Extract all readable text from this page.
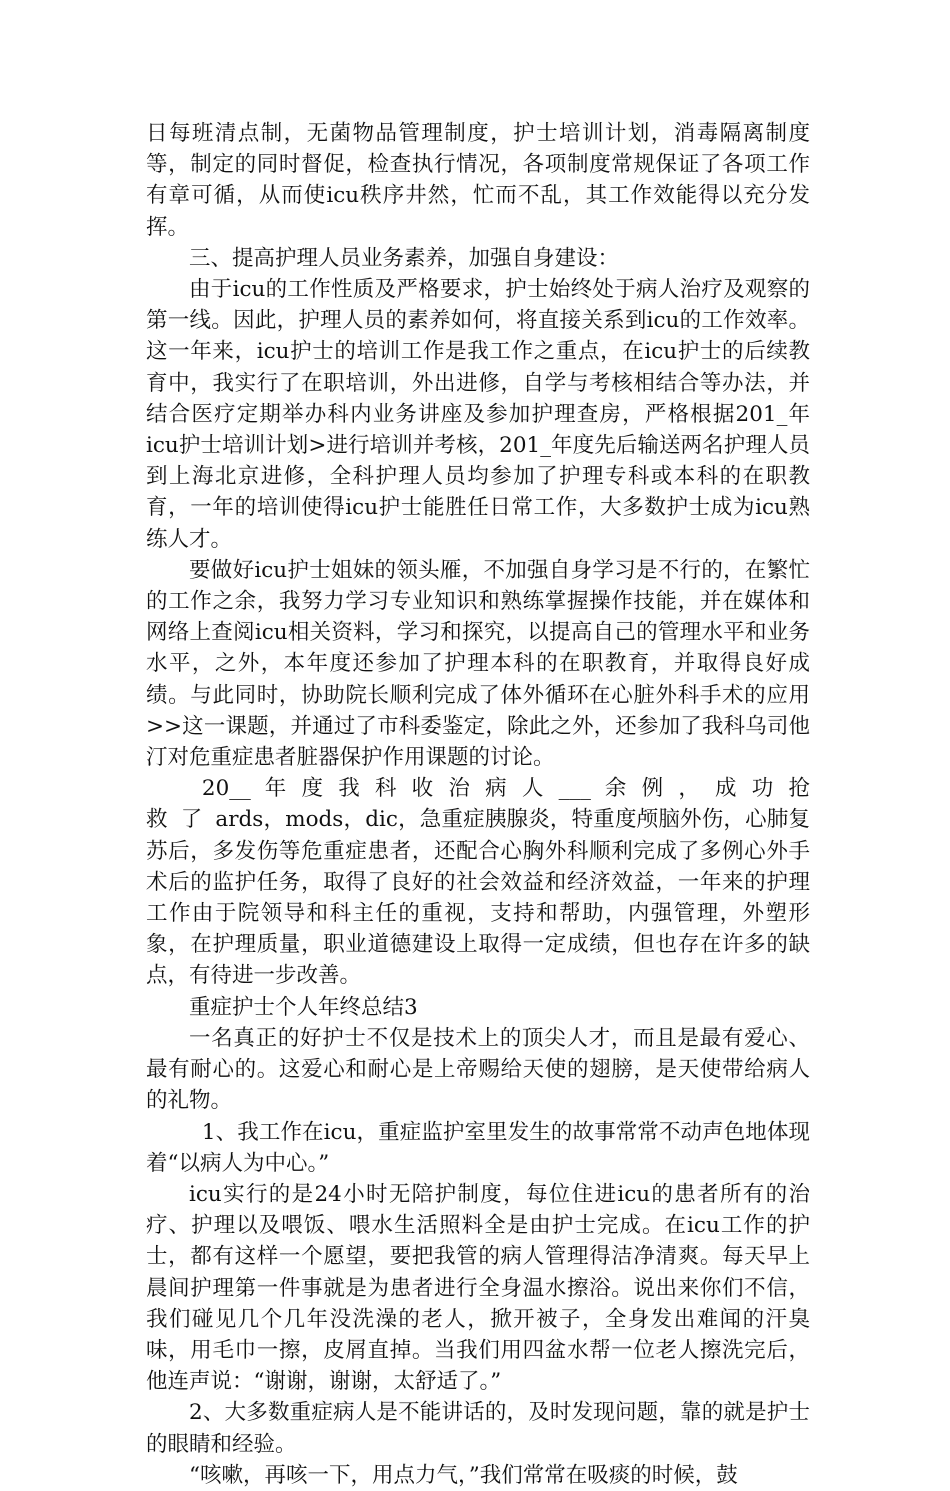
日每班清点制，无菌物品管理制度，护士培训计划，消毒隔离制度等，制定的同时督促，检查执行情况，各项制度常规保证了各项工作有章可循，从而使icu秩序井然，忙而不乱，其工作效能得以充分发挥。

三、提高护理人员业务素养，加强自身建设：

由于icu的工作性质及严格要求，护士始终处于病人治疗及观察的第一线。因此，护理人员的素养如何，将直接关系到icu的工作效率。这一年来，icu护士的培训工作是我工作之重点，在icu护士的后续教育中，我实行了在职培训，外出进修，自学与考核相结合等办法，并结合医疗定期举办科内业务讲座及参加护理查房，严格根据201_年icu护士培训计划>进行培训并考核，201_年度先后输送两名护理人员到上海北京进修，全科护理人员均参加了护理专科或本科的在职教育，一年的培训使得icu护士能胜任日常工作，大多数护士成为icu熟练人才。

要做好icu护士姐妹的领头雁，不加强自身学习是不行的，在繁忙的工作之余，我努力学习专业知识和熟练掌握操作技能，并在媒体和网络上查阅icu相关资料，学习和探究，以提高自己的管理水平和业务水平，之外，本年度还参加了护理本科的在职教育，并取得良好成绩。与此同时，协助院长顺利完成了体外循环在心脏外科手术的应用>>这一课题，并通过了市科委鉴定，除此之外，还参加了我科乌司他汀对危重症患者脏器保护作用课题的讨论。

20__ 年 度 我 科 收 治 病 人 ___ 余 例 ， 成 功 抢 救 了 ards，mods，dic，急重症胰腺炎，特重度颅脑外伤，心肺复苏后，多发伤等危重症患者，还配合心胸外科顺利完成了多例心外手术后的监护任务，取得了良好的社会效益和经济效益，一年来的护理工作由于院领导和科主任的重视，支持和帮助，内强管理，外塑形象，在护理质量，职业道德建设上取得一定成绩，但也存在许多的缺点，有待进一步改善。

重症护士个人年终总结3

一名真正的好护士不仅是技术上的顶尖人才，而且是最有爱心、最有耐心的。这爱心和耐心是上帝赐给天使的翅膀，是天使带给病人的礼物。

1、我工作在icu，重症监护室里发生的故事常常不动声色地体现着“以病人为中心。”

icu实行的是24小时无陪护制度，每位住进icu的患者所有的治疗、护理以及喂饭、喂水生活照料全是由护士完成。在icu工作的护士，都有这样一个愿望，要把我管的病人管理得洁净清爽。每天早上晨间护理第一件事就是为患者进行全身温水擦浴。说出来你们不信，我们碰见几个几年没洗澡的老人，掀开被子，全身发出难闻的汗臭味，用毛巾一擦，皮屑直掉。当我们用四盆水帮一位老人擦洗完后，他连声说：“谢谢，谢谢，太舒适了。”

2、大多数重症病人是不能讲话的，及时发现问题，靠的就是护士的眼睛和经验。

“咳嗽，再咳一下，用点力气，”我们常常在吸痰的时候，鼓
